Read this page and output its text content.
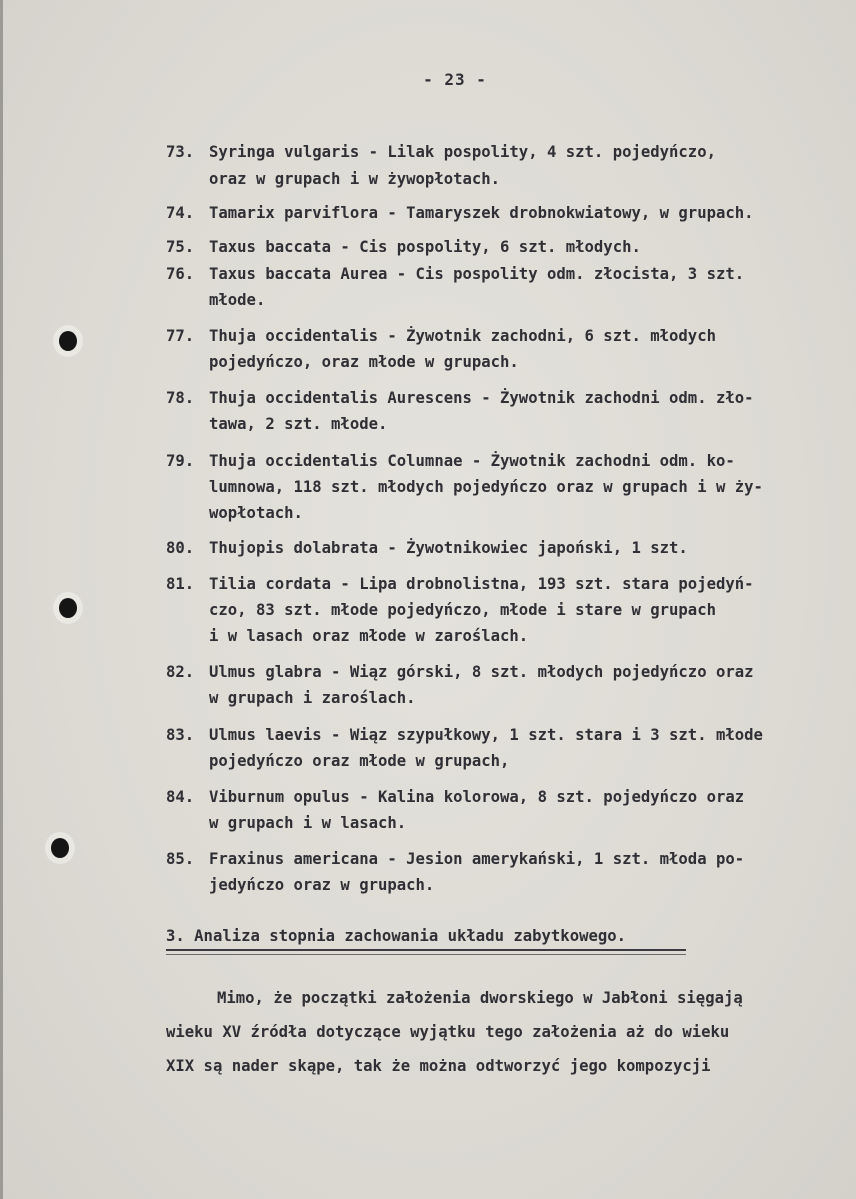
- 23 -
73. Syringa vulgaris - Lilak pospolity, 4 szt. pojedyńczo,
oraz w grupach i w żywopłotach.
74. Tamarix parviflora - Tamaryszek drobnokwiatowy, w grupach.
75. Taxus baccata - Cis pospolity, 6 szt. młodych.
76. Taxus baccata Aurea - Cis pospolity odm. złocista, 3 szt.
młode.
77. Thuja occidentalis - Żywotnik zachodni, 6 szt. młodych
pojedyńczo, oraz młode w grupach.
78. Thuja occidentalis Aurescens - Żywotnik zachodni odm. zło-
tawa, 2 szt. młode.
79. Thuja occidentalis Columnae - Żywotnik zachodni odm. ko-
lumnowa, 118 szt. młodych pojedyńczo oraz w grupach i w ży-
wopłotach.
80. Thujopis dolabrata - Żywotnikowiec japoński, 1 szt.
81. Tilia cordata - Lipa drobnolistna, 193 szt. stara pojedyń-
czo, 83 szt. młode pojedyńczo, młode i stare w grupach
i w lasach oraz młode w zaroślach.
82. Ulmus glabra - Wiąz górski, 8 szt. młodych pojedyńczo oraz
w grupach i zaroślach.
83. Ulmus laevis - Wiąz szypułkowy, 1 szt. stara i 3 szt. młode
pojedyńczo oraz młode w grupach,
84. Viburnum opulus - Kalina kolorowa, 8 szt. pojedyńczo oraz
w grupach i w lasach.
85. Fraxinus americana - Jesion amerykański, 1 szt. młoda po-
jedyńczo oraz w grupach.
3. Analiza stopnia zachowania układu zabytkowego.
Mimo, że początki założenia dworskiego w Jabłoni sięgają
wieku XV źródła dotyczące wyjątku tego założenia aż do wieku
XIX są nader skąpe, tak że można odtworzyć jego kompozycji
